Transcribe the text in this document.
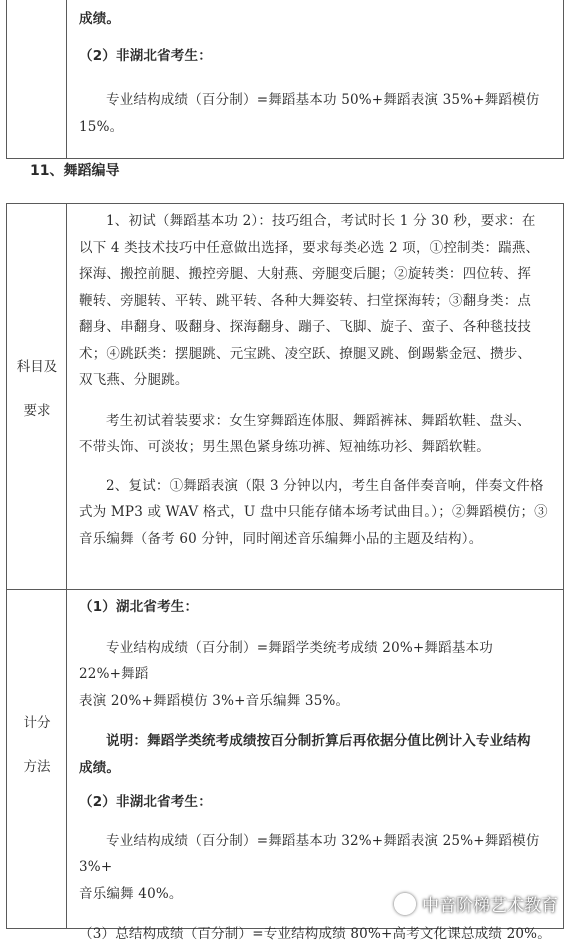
成绩。

（2）非湖北省考生：

专业结构成绩（百分制）=舞蹈基本功 50%+舞蹈表演 35%+舞蹈模仿

15%。

11、舞蹈编导
科目及
要求

1、初试（舞蹈基本功 2）：技巧组合，考试时长 1 分 30 秒，要求：在

以下 4 类技术技巧中任意做出选择，要求每类必选 2 项，①控制类：踹燕、

探海、搬控前腿、搬控旁腿、大射燕、旁腿变后腿；②旋转类：四位转、挥

鞭转、旁腿转、平转、跳平转、各种大舞姿转、扫堂探海转；③翻身类：点

翻身、串翻身、吸翻身、探海翻身、蹦子、飞脚、旋子、蛮子、各种毯技技

术；④跳跃类：摆腿跳、元宝跳、凌空跃、撩腿叉跳、倒踢紫金冠、攒步、

双飞燕、分腿跳。

考生初试着装要求：女生穿舞蹈连体服、舞蹈裤袜、舞蹈软鞋、盘头、

不带头饰、可淡妆；男生黑色紧身练功裤、短袖练功衫、舞蹈软鞋。

2、复试：①舞蹈表演（限 3 分钟以内，考生自备伴奏音响，伴奏文件格

式为 MP3 或 WAV 格式，U 盘中只能存储本场考试曲目。）；②舞蹈模仿；③

音乐编舞（备考 60 分钟，同时阐述音乐编舞小品的主题及结构）。

计分
方法

（1）湖北省考生：

专业结构成绩（百分制）=舞蹈学类统考成绩 20%+舞蹈基本功 22%+舞蹈

表演 20%+舞蹈模仿 3%+音乐编舞 35%。

说明：舞蹈学类统考成绩按百分制折算后再依据分值比例计入专业结构

成绩。

（2）非湖北省考生：

专业结构成绩（百分制）=舞蹈基本功 32%+舞蹈表演 25%+舞蹈模仿 3%+

音乐编舞 40%。

（3）总结构成绩（百分制）=专业结构成绩 80%+高考文化课总成绩 20%。

中音阶梯艺术教育
